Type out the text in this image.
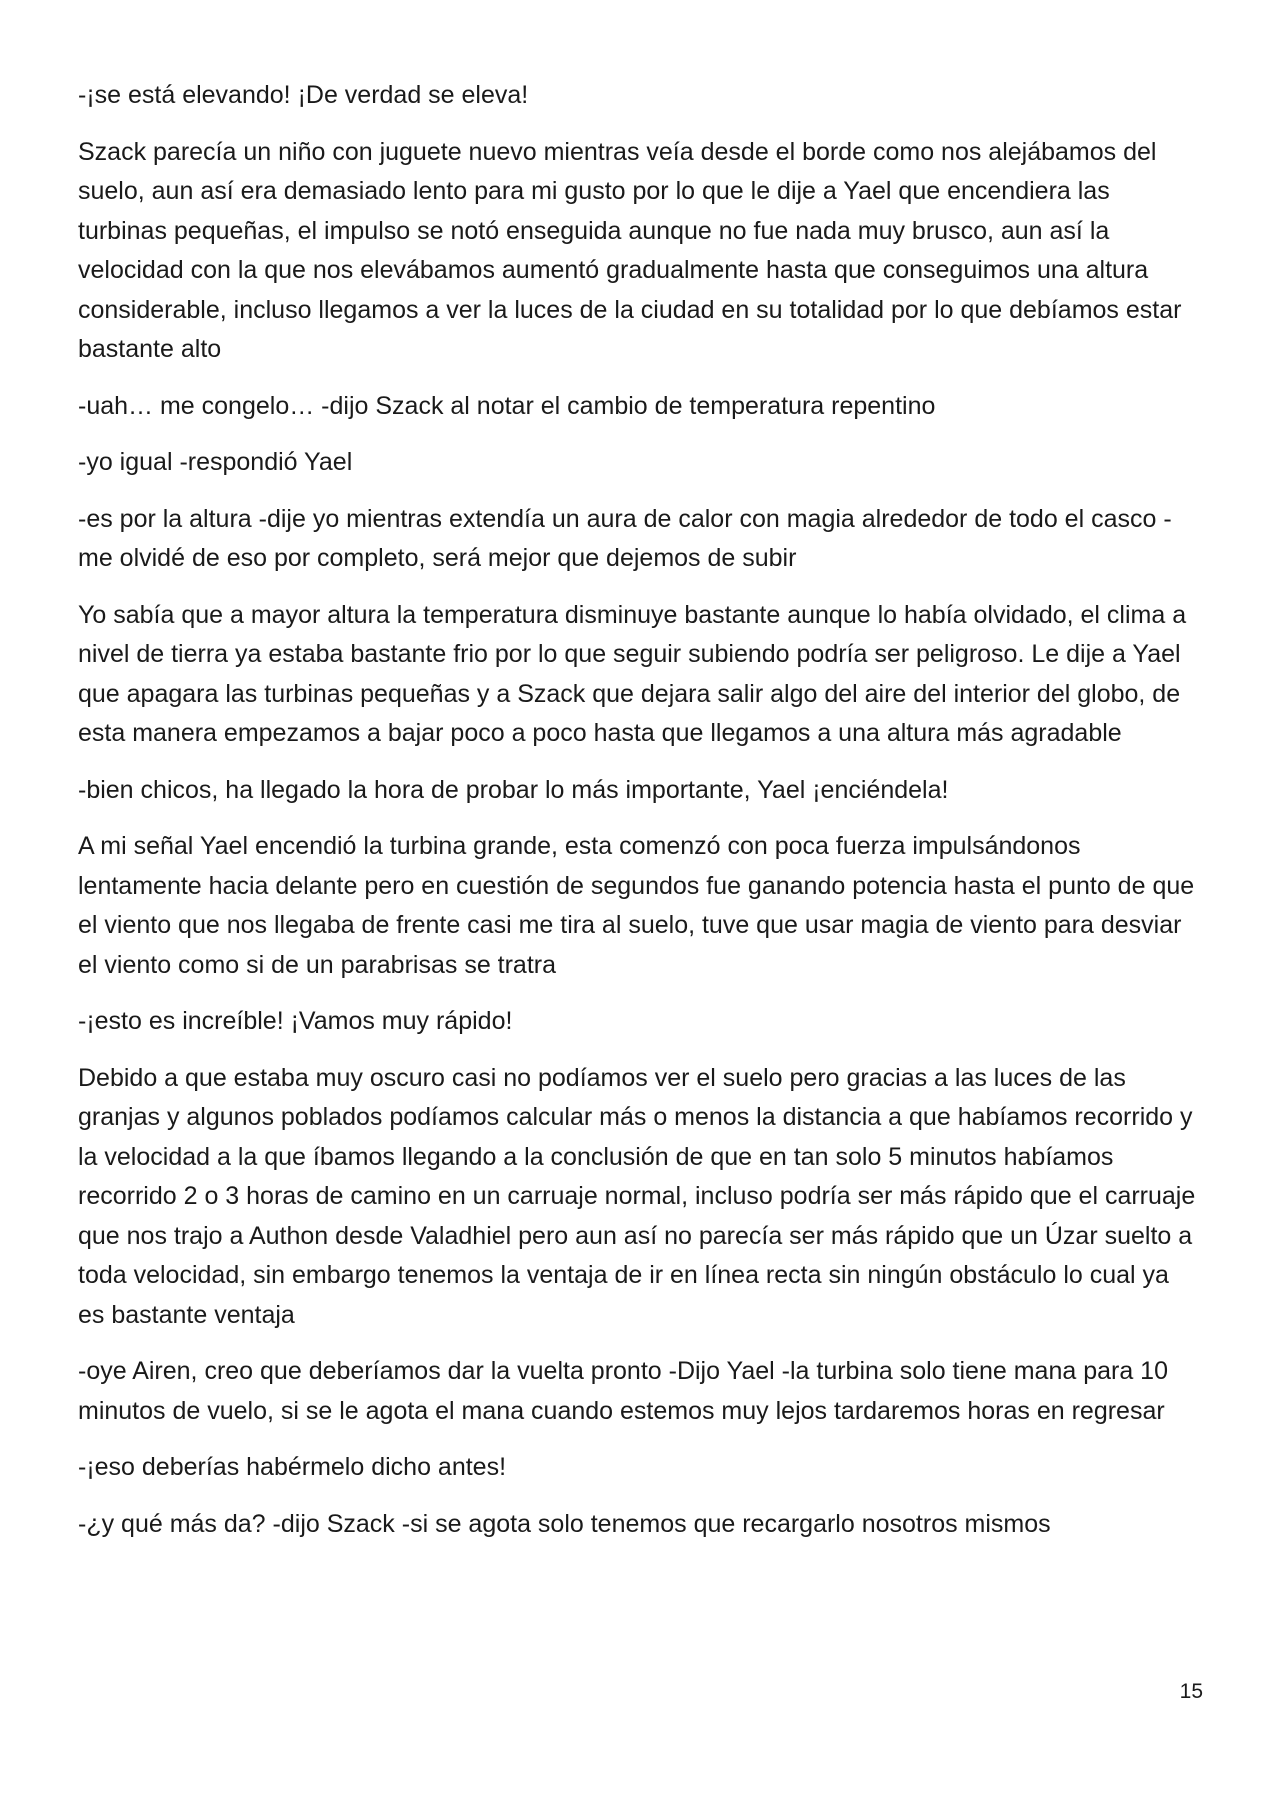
-¡se está elevando! ¡De verdad se eleva!

Szack parecía un niño con juguete nuevo mientras veía desde el borde como nos alejábamos del suelo, aun así era demasiado lento para mi gusto por lo que le dije a Yael que encendiera las turbinas pequeñas, el impulso se notó enseguida aunque no fue nada muy brusco, aun así la velocidad con la que nos elevábamos aumentó gradualmente hasta que conseguimos una altura considerable, incluso llegamos a ver la luces de la ciudad en su totalidad por lo que debíamos estar bastante alto

-uah… me congelo… -dijo Szack al notar el cambio de temperatura repentino

-yo igual -respondió Yael

-es por la altura -dije yo mientras extendía un aura de calor con magia alrededor de todo el casco -me olvidé de eso por completo, será mejor que dejemos de subir

Yo sabía que a mayor altura la temperatura disminuye bastante aunque lo había olvidado, el clima a nivel de tierra ya estaba bastante frio por lo que seguir subiendo podría ser peligroso. Le dije a Yael que apagara las turbinas pequeñas y a Szack que dejara salir algo del aire del interior del globo, de esta manera empezamos a bajar poco a poco hasta que llegamos a una altura más agradable

-bien chicos, ha llegado la hora de probar lo más importante, Yael ¡enciéndela!

A mi señal Yael encendió la turbina grande, esta comenzó con poca fuerza impulsándonos lentamente hacia delante pero en cuestión de segundos fue ganando potencia hasta el punto de que el viento que nos llegaba de frente casi me tira al suelo, tuve que usar magia de viento para desviar el viento como si de un parabrisas se tratra

-¡esto es increíble! ¡Vamos muy rápido!

Debido a que estaba muy oscuro casi no podíamos ver el suelo pero gracias a las luces de las granjas y algunos poblados podíamos calcular más o menos la distancia a que habíamos recorrido y la velocidad a la que íbamos llegando a la conclusión de que en tan solo 5 minutos habíamos recorrido 2 o 3 horas de camino en un carruaje normal, incluso podría ser más rápido que el carruaje que nos trajo a Authon desde Valadhiel pero aun así no parecía ser más rápido que un Úzar suelto a toda velocidad, sin embargo tenemos la ventaja de ir en línea recta sin ningún obstáculo lo cual ya es bastante ventaja

-oye Airen, creo que deberíamos dar la vuelta pronto -Dijo Yael -la turbina solo tiene mana para 10 minutos de vuelo, si se le agota el mana cuando estemos muy lejos tardaremos horas en regresar

-¡eso deberías habérmelo dicho antes!

-¿y qué más da? -dijo Szack -si se agota solo tenemos que recargarlo nosotros mismos

15
